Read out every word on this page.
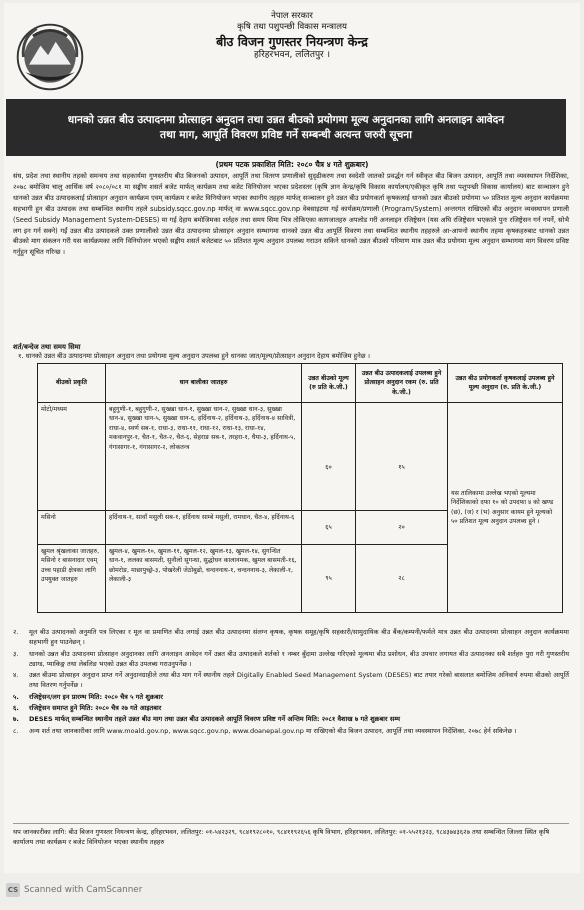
नेपाल सरकार
कृषि तथा पशुपन्छी विकास मन्त्रालय
बीउ विजन गुणस्तर नियन्त्रण केन्द्र
हरिहरभवन, ललितपुर ।
धानको उन्नत बीउ उत्पादनमा प्रोत्साहन अनुदान तथा उन्नत बीउको प्रयोगमा मूल्य अनुदानका लागि अनलाइन आवेदन
तथा माग, आपूर्ति विवरण प्रविष्ट गर्ने सम्बन्धी अत्यन्त जरुरी सूचना
(प्रथम पटक प्रकाशित मिति: २०८० चैत्र ४ गते शुक्रबार)
संघ, प्रदेश तथा स्थानीय तहको समन्वय तथा सहकार्यमा गुणस्तरीय बीउ बिजनको उत्पादन, आपूर्ति तथा वितरण प्रणालीको सुदृढीकरण तथा स्वदेशी जातको प्रवर्द्धन गर्न स्वीकृत बीउ बिजन उत्पादन, आपूर्ति तथा व्यवस्थापन निर्देशिका, २०७८ बमोजिम चालु आर्थिक वर्ष २०८०/०८१ मा सङ्घीय शसर्त बजेट मार्फत् कार्यक्रम तथा बजेट विनियोजन भएका प्रदेशस्तर (कृषि ज्ञान केन्द्र/कृषि विकास कार्यालय/एकीकृत कृषि तथा पशुपन्छी विकास कार्यालय) बाट सञ्चालन हुने धानको उन्नत बीउ उत्पादकलाई प्रोत्साहन अनुदान कार्यक्रम एवम् कार्यक्रम र बजेट विनियोजन भएका स्थानीय तहहरु मार्फत् सञ्चालन हुने उन्नत बीउ प्रयोगकर्ता कृषकलाई धानको उन्नत बीउको प्रयोगमा ५० प्रतिशत मूल्य अनुदान कार्यक्रममा सहभागी हुन बीउ उत्पादक तथा सम्बन्धित स्थानीय तहले subsidy.sqcc.gov.np मार्फत् वा www.sqcc.gov.np वेबसाइटमा गई कार्यक्रम/प्रणाली (Program/System) अन्तरगत राखिएको बीउ अनुदान व्यवस्थापन प्रणाली (Seed Subsidy Management System-DESES) मा गई देहाय बमोजिमका शर्तहरु तथा समय सिमा भित्र तोकिएका कागजातहरु अपलोड गरी अनलाइन रजिष्ट्रेसन (यस अघि रजिष्ट्रेसन भएकाले पुनः रजिष्ट्रेसन गर्न नपर्ने, सोभै लग इन गर्न सक्ने) गर्ई उन्नत बीउ उत्पादकले उक्त प्रणालीको उन्नत बीउ उत्पादनमा प्रोत्साहन अनुदान सम्भागमा धानको उन्नत बीउ आपूर्ति विवरण तथा सम्बन्धित स्थानीय तहहरुले आ-आफ्नो स्थानीय तहमा कृषकहरुबाट धानको उन्नत बीउको माग संकलन गरी यस कार्यक्रमका लागि विनियोजन भएको सङ्घीय शसर्त बजेटबाट ५० प्रतिशत मूल्य अनुदान उपलब्ध गराउन सकिने धानको उन्नत बीउको परिमाण मात्र उन्नत बीउ प्रयोगमा मूल्य अनुदान सम्भागमा माग विवरण प्रविष्ट गर्नुहुन सूचित गरिन्छ ।
शर्त/बन्देज तथा समय सिमा
१. धानको उन्नत बीउ उत्पादनमा प्रोत्साहन अनुदान तथा प्रयोगमा मूल्य अनुदान उपलब्ध हुने धानका जात/मूल्य/प्रोत्साहन अनुदान देहाय बमोजिम हुनेछ ।
बीउको प्रकृति	धान बालीका जातहरु	उन्नत बीउको मूल्य (रु प्रति के.जी.)	उन्नत बीउ उत्पादकलाई उपलब्ध हुने प्रोत्साहन अनुदान रकम (रु. प्रति के.जी.)	उन्नत बीउ प्रयोगकर्ता कृषकलाई उपलब्ध हुने मूल्य अनुदान (रु. प्रति के.जी.)
मोटो/मध्यम	बहुगुणी-१, बहुगुणी-२, सुख्खा धान-१, सुख्खा धान-२, सुख्खा धान-३, सुख्खा धान-४, सुख्खा धान-५, सुख्खा धान-६, हर्दिनाथ-२, हर्दिनाथ-३, हर्दिनाथ-४ सावित्री, राधा-४, स्वर्ण सब-१, राधा-३, राधा-११, राधा-१२, राधा-१३, राधा-१४, मकवानपुर-१, चैत-१, चैत-२, चैत-६, सेहराङ सब-१, तरहरा-१, घैया-३, हर्दिनाथ-५, गंगासागर-१, गंगासागर-२, लोकतन्त्र	६०	१५	यस तालिकामा उल्लेख भएको मूल्यमा निर्देशिकाको दफा १० को उपदफा ४ को खण्ड (छ), (ज) र (भ) अनुसार कायम हुने मूल्यको ५० प्रतिशत मूल्य अनुदान उपलब्ध हुने ।
मसिनो	हर्दिनाथ-१, सावाँ मसुली सब-१, हर्दिनाथ साम्बे मसुली, रामधान, चैत-४, हर्दिनाथ-६	६५	२०	
खुमल श्रृंखलाका जातहरु, मसिनो र बासनादार एवम् उच्च पहाडी क्षेत्रका लागि उपयुक्त जातहरु	खुमल-४, खुमल-१०, खुमल-११, खुमल-१२, खुमल-१३, खुमल-१४, सुगन्धित धान-१, ललका बासमती, सुनौलो सुगन्धा, सुद्धोधन कालानमक, खुमल बासमती-१६, छोमरोङ, माछापुच्छ्रे-३, पोखरेली जेठोबुढो, चन्दननाथ-१, चन्दननाथ-३, लेकाली-१, लेकाली-३	९५	२८	
२.	मूल बीउ उत्पादनको अनुमति पत्र लिएका र मूल वा प्रमाणित बीउ लगाई उन्नत बीउ उत्पादनमा संलग्न कृषक, कृषक समूह/कृषि सहकारी/सामुदायिक बीउ बैंक/कम्पनी/फर्मले मात्र उन्नत बीउ उत्पादनमा प्रोत्साहन अनुदान कार्यक्रममा सहभागी हुन पाउनेछन् ।
३.	धानको उन्नत बीउ उत्पादनमा प्रोत्साहन अनुदानका लागि अनलाइन आवेदन गर्ने उन्नत बीउ उत्पादकले शर्तको १ नम्बर बुँदामा उल्लेख गरिएको मूल्यमा बीउ प्रशोधन, बीउ उपचार लगायत बीउ उत्पादनका सबै शर्तहरु पुरा गरी गुणस्तरीय ट्याग्ड, प्याकिङ्ग तथा लेबलिङ भएको उन्नत बीउ उपलब्ध गराउनुपर्नेछ ।
४.	उन्नत बीउमा प्रोत्साहन अनुदान प्राप्त गर्ने अनुदानग्राहीले तथा बीउ माग गर्ने स्थानीय तहले Digitally Enabled Seed Management System (DESES) बाट तयार गरेको बासलात बमोजिम अनिवार्य रुपमा बीउको आपूर्ति तथा वितरण गर्नुपर्नेछ ।
५.	रजिष्ट्रेसन/लग इन प्रारम्भ मिति: २०८० चैत्र ५ गते शुक्रबार
६.	रजिष्ट्रेसन समाप्त हुने मिति: २०८० चैत्र २७ गते आइतबार
७.	DESES मार्फत् सम्बन्धित स्थानीय तहले उन्नत बीउ माग तथा उन्नत बीउ उत्पादकले आपूर्ति विवरण प्रविष्ट गर्ने अन्तिम मिति: २०८१ वैशाख ७ गते शुक्रबार सम्म
८.	अन्य शर्त तथा जानकारीका लागि www.moald.gov.np, www.sqcc.gov.np, www.doanepal.gov.np मा राखिएको बीउ बिजन उत्पादन, आपूर्ति तथा व्यवस्थापन निर्देशिका, २०७८ हेर्न सकिनेछ ।
थप जानकारीका लागि: बीउ बिजन गुणस्तर नियन्त्रण केन्द्र, हरिहरभवन, ललितपुर: ०१-५४२३२९, ९८४१९२८०१०, ९८४११९२६५६ कृषि विभाग, हरिहरभवन, ललितपुर: ०१-५५२१३२३, ९८४३७४३६२७ तथा सम्बन्धित जिल्ला स्थित कृषि कार्यालय तथा कार्यक्रम र बजेट विनियोजन भएका स्थानीय तहहरु
CS Scanned with CamScanner
